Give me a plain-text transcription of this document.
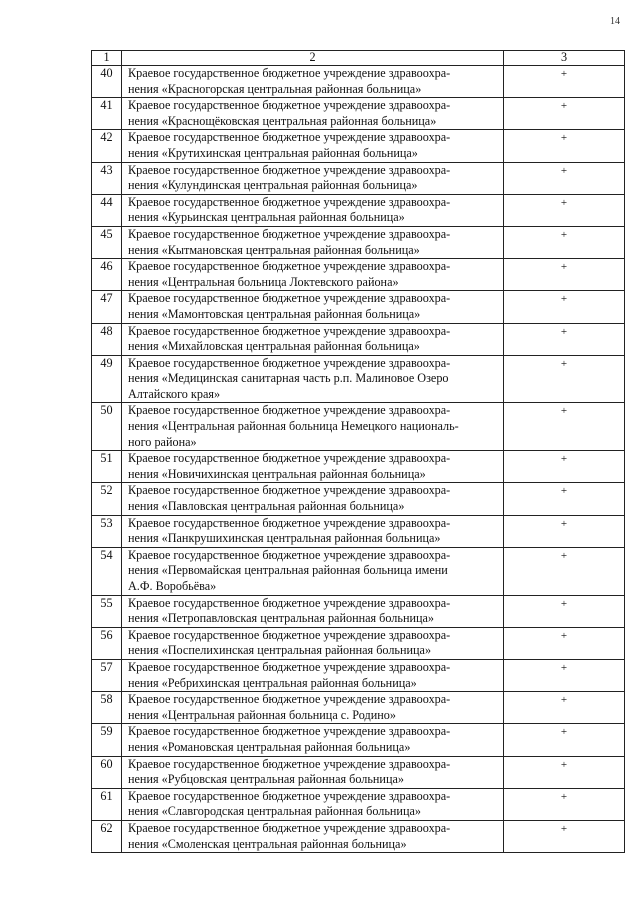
14
1	2	3
40	Краевое государственное бюджетное учреждение здравоохра-
нения «Красногорская центральная районная больница»	+
41	Краевое государственное бюджетное учреждение здравоохра-
нения «Краснощёковская центральная районная больница»	+
42	Краевое государственное бюджетное учреждение здравоохра-
нения «Крутихинская центральная районная больница»	+
43	Краевое государственное бюджетное учреждение здравоохра-
нения «Кулундинская центральная районная больница»	+
44	Краевое государственное бюджетное учреждение здравоохра-
нения «Курьинская центральная районная больница»	+
45	Краевое государственное бюджетное учреждение здравоохра-
нения «Кытмановская центральная районная больница»	+
46	Краевое государственное бюджетное учреждение здравоохра-
нения «Центральная больница Локтевского района»	+
47	Краевое государственное бюджетное учреждение здравоохра-
нения «Мамонтовская центральная районная больница»	+
48	Краевое государственное бюджетное учреждение здравоохра-
нения «Михайловская центральная районная больница»	+
49	Краевое государственное бюджетное учреждение здравоохра-
нения «Медицинская санитарная часть р.п. Малиновое Озеро
Алтайского края»	+
50	Краевое государственное бюджетное учреждение здравоохра-
нения «Центральная районная больница Немецкого националь-
ного района»	+
51	Краевое государственное бюджетное учреждение здравоохра-
нения «Новичихинская центральная районная больница»	+
52	Краевое государственное бюджетное учреждение здравоохра-
нения «Павловская центральная районная больница»	+
53	Краевое государственное бюджетное учреждение здравоохра-
нения «Панкрушихинская центральная районная больница»	+
54	Краевое государственное бюджетное учреждение здравоохра-
нения «Первомайская центральная районная больница имени
А.Ф. Воробьёва»	+
55	Краевое государственное бюджетное учреждение здравоохра-
нения «Петропавловская центральная районная больница»	+
56	Краевое государственное бюджетное учреждение здравоохра-
нения «Поспелихинская центральная районная больница»	+
57	Краевое государственное бюджетное учреждение здравоохра-
нения «Ребрихинская центральная районная больница»	+
58	Краевое государственное бюджетное учреждение здравоохра-
нения «Центральная районная больница с. Родино»	+
59	Краевое государственное бюджетное учреждение здравоохра-
нения «Романовская центральная районная больница»	+
60	Краевое государственное бюджетное учреждение здравоохра-
нения «Рубцовская центральная районная больница»	+
61	Краевое государственное бюджетное учреждение здравоохра-
нения «Славгородская центральная районная больница»	+
62	Краевое государственное бюджетное учреждение здравоохра-
нения «Смоленская центральная районная больница»	+
